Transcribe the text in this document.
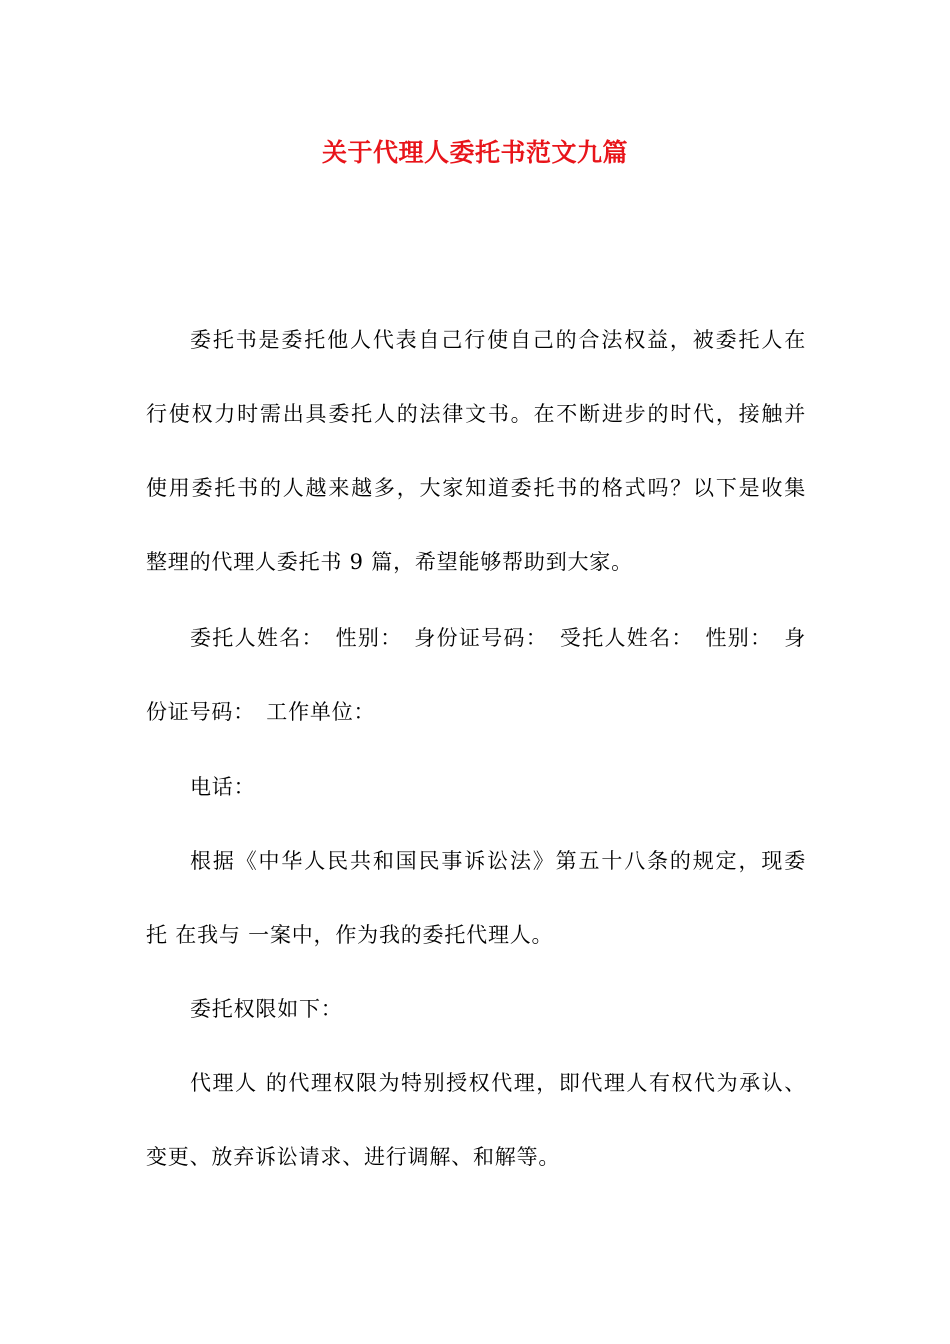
关于代理人委托书范文九篇
委托书是委托他人代表自己行使自己的合法权益，被委托人在
行使权力时需出具委托人的法律文书。在不断进步的时代，接触并
使用委托书的人越来越多，大家知道委托书的格式吗？以下是收集
整理的代理人委托书 9 篇，希望能够帮助到大家。
委托人姓名：　性别：　身份证号码：　受托人姓名：　性别：　身
份证号码：　工作单位：
电话：
根据《中华人民共和国民事诉讼法》第五十八条的规定，现委
托 在我与 一案中，作为我的委托代理人。
委托权限如下：
代理人 的代理权限为特别授权代理，即代理人有权代为承认、
变更、放弃诉讼请求、进行调解、和解等。
